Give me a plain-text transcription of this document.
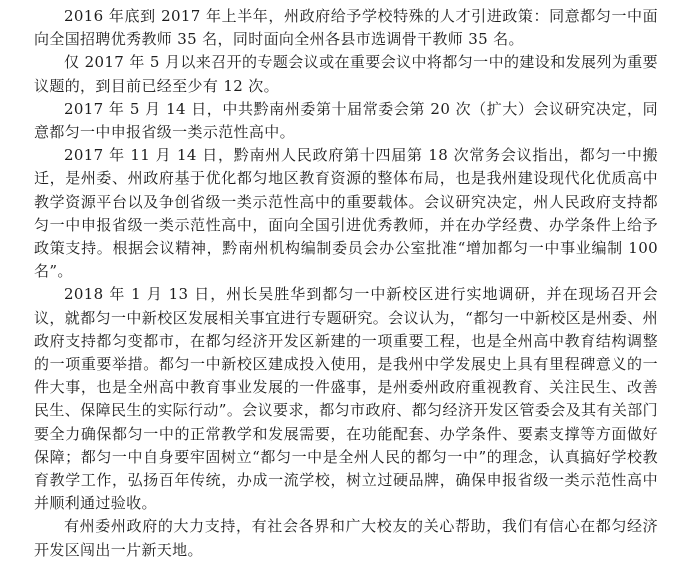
2016 年底到 2017 年上半年，州政府给予学校特殊的人才引进政策：同意都匀一中面向全国招聘优秀教师 35 名，同时面向全州各县市选调骨干教师 35 名。

仅 2017 年 5 月以来召开的专题会议或在重要会议中将都匀一中的建设和发展列为重要议题的，到目前已经至少有 12 次。

2017 年 5 月 14 日，中共黔南州委第十届常委会第 20 次（扩大）会议研究决定，同意都匀一中申报省级一类示范性高中。

2017 年 11 月 14 日，黔南州人民政府第十四届第 18 次常务会议指出，都匀一中搬迁，是州委、州政府基于优化都匀地区教育资源的整体布局，也是我州建设现代化优质高中教学资源平台以及争创省级一类示范性高中的重要载体。会议研究决定，州人民政府支持都匀一中申报省级一类示范性高中，面向全国引进优秀教师，并在办学经费、办学条件上给予政策支持。根据会议精神，黔南州机构编制委员会办公室批准“增加都匀一中事业编制 100 名”。

2018 年 1 月 13 日，州长吴胜华到都匀一中新校区进行实地调研，并在现场召开会议，就都匀一中新校区发展相关事宜进行专题研究。会议认为，“都匀一中新校区是州委、州政府支持都匀变都市，在都匀经济开发区新建的一项重要工程，也是全州高中教育结构调整的一项重要举措。都匀一中新校区建成投入使用，是我州中学发展史上具有里程碑意义的一件大事，也是全州高中教育事业发展的一件盛事，是州委州政府重视教育、关注民生、改善民生、保障民生的实际行动”。会议要求，都匀市政府、都匀经济开发区管委会及其有关部门要全力确保都匀一中的正常教学和发展需要，在功能配套、办学条件、要素支撑等方面做好保障；都匀一中自身要牢固树立“都匀一中是全州人民的都匀一中”的理念，认真搞好学校教育教学工作，弘扬百年传统，办成一流学校，树立过硬品牌，确保申报省级一类示范性高中并顺利通过验收。

有州委州政府的大力支持，有社会各界和广大校友的关心帮助，我们有信心在都匀经济开发区闯出一片新天地。
